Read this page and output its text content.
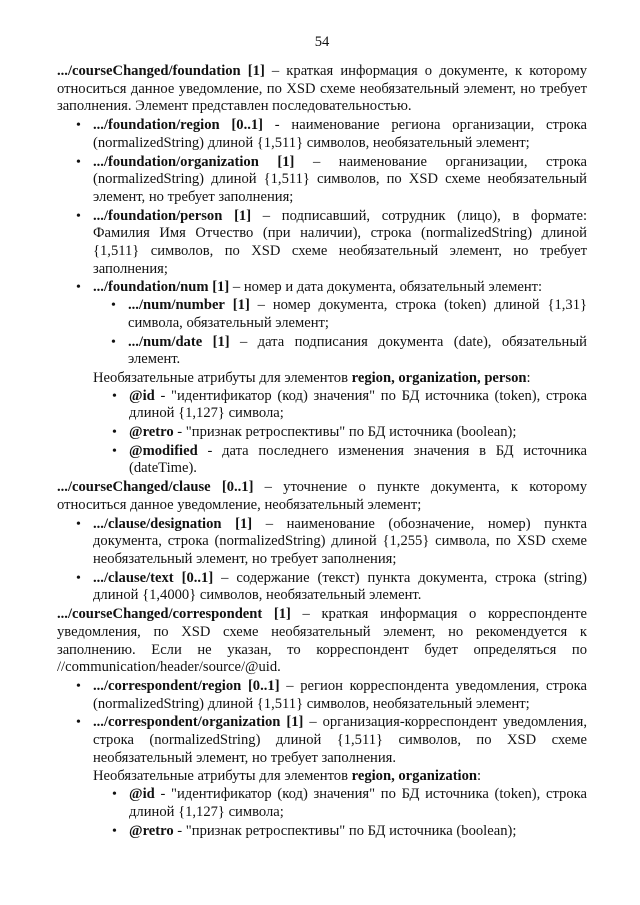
54

.../courseChanged/foundation [1] – краткая информация о документе, к которому относиться данное уведомление, по XSD схеме необязательный элемент, но требует заполнения. Элемент представлен последовательностью.

• .../foundation/region [0..1] - наименование региона организации, строка (normalizedString) длиной {1,511} символов, необязательный элемент;
• .../foundation/organization [1] – наименование организации, строка (normalizedString) длиной {1,511} символов, по XSD схеме необязательный элемент, но требует заполнения;
• .../foundation/person [1] – подписавший, сотрудник (лицо), в формате: Фамилия Имя Отчество (при наличии), строка (normalizedString) длиной {1,511} символов, по XSD схеме необязательный элемент, но требует заполнения;
• .../foundation/num [1] – номер и дата документа, обязательный элемент:
• .../num/number [1] – номер документа, строка (token) длиной {1,31}символа, обязательный элемент;
• .../num/date [1] – дата подписания документа (date), обязательный элемент.

Необязательные атрибуты для элементов region, organization, person:

• @id - "идентификатор (код) значения" по БД источника (token), строка длиной {1,127} символа;
• @retro - "признак ретроспективы" по БД источника (boolean);
• @modified - дата последнего изменения значения в БД источника (dateTime).

.../courseChanged/clause [0..1] – уточнение о пункте документа, к которому относиться данное уведомление, необязательный элемент;

• .../clause/designation [1] – наименование (обозначение, номер) пункта документа, строка (normalizedString) длиной {1,255} символа, по XSD схеме необязательный элемент, но требует заполнения;
• .../clause/text [0..1] – содержание (текст) пункта документа, строка (string) длиной {1,4000} символов, необязательный элемент.

.../courseChanged/correspondent [1] – краткая информация о корреспонденте уведомления, по XSD схеме необязательный элемент, но рекомендуется к заполнению. Если не указан, то корреспондент будет определяться по //communication/header/source/@uid.

• .../correspondent/region [0..1] – регион корреспондента уведомления, строка (normalizedString) длиной {1,511} символов, необязательный элемент;
• .../correspondent/organization [1] – организация-корреспондент уведомления, строка (normalizedString) длиной {1,511} символов, по XSD схеме необязательный элемент, но требует заполнения.

Необязательные атрибуты для элементов region, organization:

• @id - "идентификатор (код) значения" по БД источника (token), строка длиной {1,127} символа;
• @retro - "признак ретроспективы" по БД источника (boolean);
